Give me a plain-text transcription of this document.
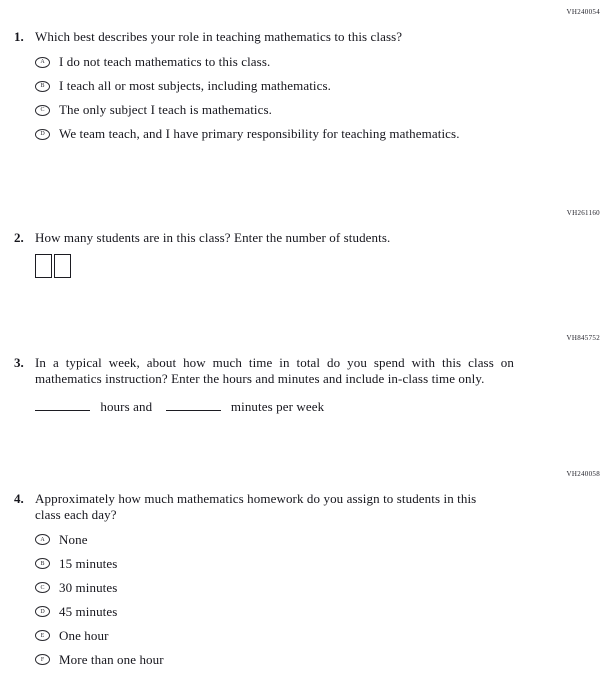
VH240054
1. Which best describes your role in teaching mathematics to this class?

A I do not teach mathematics to this class.
B I teach all or most subjects, including mathematics.
C The only subject I teach is mathematics.
D We team teach, and I have primary responsibility for teaching mathematics.
VH261160
2. How many students are in this class? Enter the number of students.

VH845752
3. In a typical week, about how much time in total do you spend with this class on mathematics instruction? Enter the hours and minutes and include in-class time only.

hours and	minutes per week
VH240058
4. Approximately how much mathematics homework do you assign to students in this class each day?

A None
B 15 minutes
C 30 minutes
D 45 minutes
E One hour
F More than one hour
